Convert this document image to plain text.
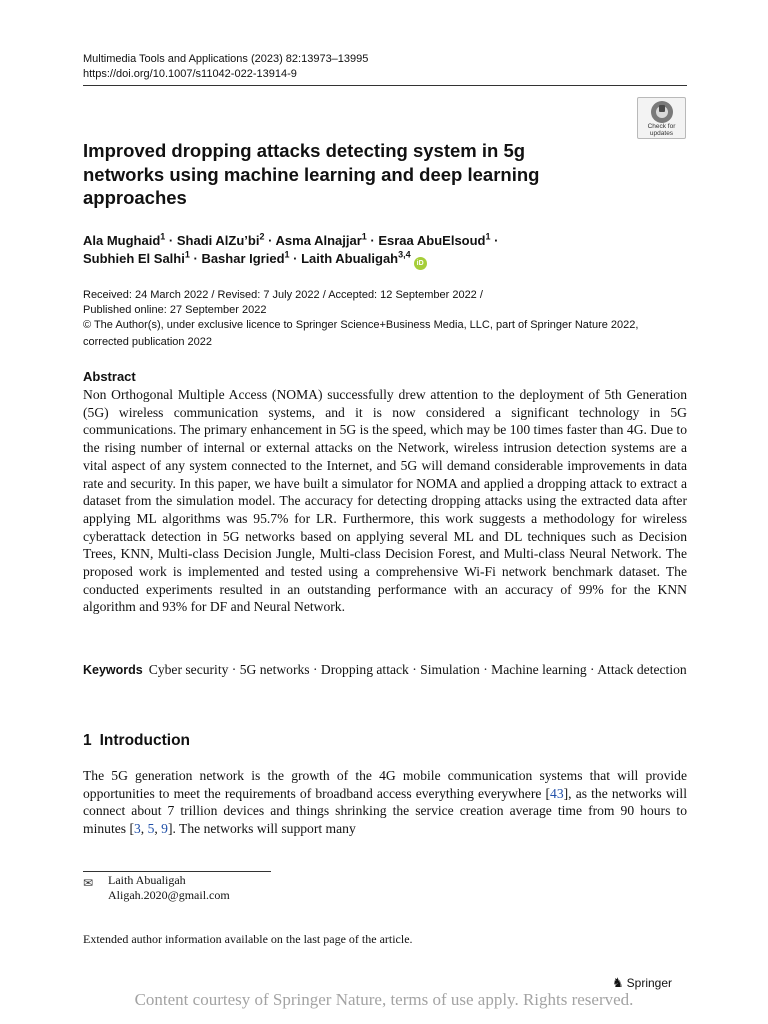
Multimedia Tools and Applications (2023) 82:13973–13995
https://doi.org/10.1007/s11042-022-13914-9
Check for
updates
Improved dropping attacks detecting system in 5g networks using machine learning and deep learning approaches
Ala Mughaid$^1$ · Shadi $AlZu’bi^2$ · Asma Alnajjar$^1$ · Esraa AbuElsoud$^1$ ·
Subhieh El Salhi$^1$ · Bashar Igried$^1$ · Laith Abualigah$^{3,4}$iD
Received: 24 March 2022 / Revised: 7 July 2022 / Accepted: 12 September 2022 /
Published online: 27 September 2022
© The Author(s), under exclusive licence to Springer Science+Business Media, LLC, part of Springer Nature 2022,
corrected publication 2022
Abstract

Non Orthogonal Multiple Access (NOMA) successfully drew attention to the deployment of 5th Generation (5G) wireless communication systems, and it is now considered a significant technology in 5G communications. The primary enhancement in 5G is the speed, which may be 100 times faster than 4G. Due to the rising number of internal or external attacks on the Network, wireless intrusion detection systems are a vital aspect of any system connected to the Internet, and 5G will demand considerable improvements in data rate and security. In this paper, we have built a simulator for NOMA and applied a dropping attack to extract a dataset from the simulation model. The accuracy for detecting dropping attacks using the extracted data after applying ML algorithms was 95.7% for LR. Furthermore, this work suggests a methodology for wireless cyberattack detection in 5G networks based on applying several ML and DL techniques such as Decision Trees, KNN, Multi-class Decision Jungle, Multi-class Decision Forest, and Multi-class Neural Network. The proposed work is implemented and tested using a comprehensive Wi-Fi network benchmark dataset. The conducted experiments resulted in an outstanding performance with an accuracy of 99% for the KNN algorithm and 93% for DF and Neural Network.

Keywords Cyber security · 5G networks · Dropping attack · Simulation · Machine learning · Attack detection
1 Introduction

The 5G generation network is the growth of the 4G mobile communication systems that will provide opportunities to meet the requirements of broadband access everything everywhere [43], as the networks will connect about 7 trillion devices and things shrinking the service creation average time from 90 hours to minutes [3, 5, 9]. The networks will support many

✉ Laith Abualigah
Aligah.2020@gmail.com
Extended author information available on the last page of the article.
♞ Springer
Content courtesy of Springer Nature, terms of use apply. Rights reserved.
